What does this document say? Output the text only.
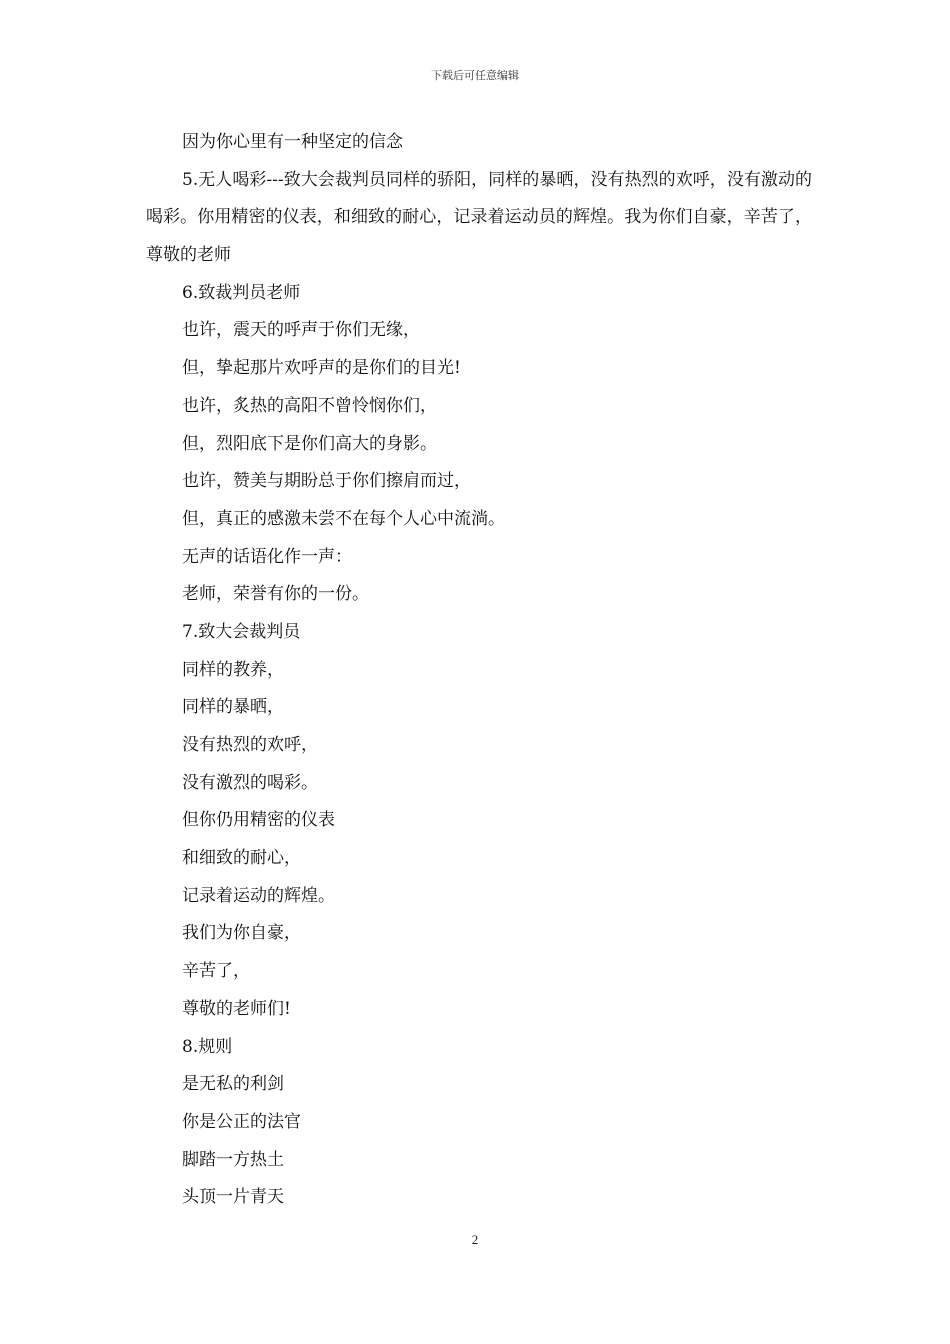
下载后可任意编辑
因为你心里有一种坚定的信念
5.无人喝彩---致大会裁判员同样的骄阳，同样的暴晒，没有热烈的欢呼，没有激动的喝彩。你用精密的仪表，和细致的耐心，记录着运动员的辉煌。我为你们自豪，辛苦了，尊敬的老师
6.致裁判员老师
也许，震天的呼声于你们无缘，
但，挚起那片欢呼声的是你们的目光!
也许，炙热的高阳不曾怜悯你们，
但，烈阳底下是你们高大的身影。
也许，赞美与期盼总于你们擦肩而过，
但，真正的感激未尝不在每个人心中流淌。
无声的话语化作一声：
老师，荣誉有你的一份。
7.致大会裁判员
同样的教养，
同样的暴晒，
没有热烈的欢呼，
没有激烈的喝彩。
但你仍用精密的仪表
和细致的耐心，
记录着运动的辉煌。
我们为你自豪，
辛苦了，
尊敬的老师们!
8.规则
是无私的利剑
你是公正的法官
脚踏一方热土
头顶一片青天
2
